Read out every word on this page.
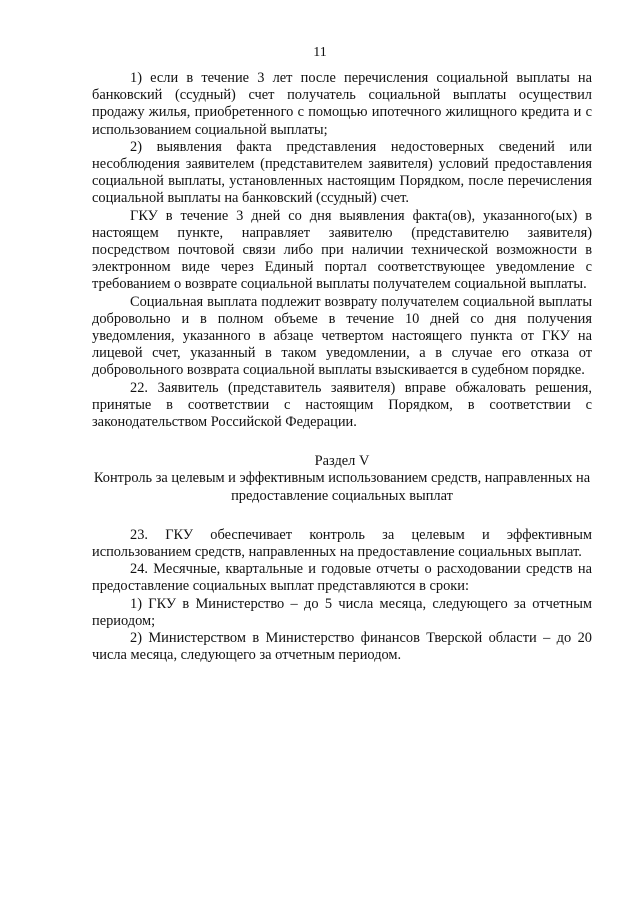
11

1) если в течение 3 лет после перечисления социальной выплаты на банковский (ссудный) счет получатель социальной выплаты осуществил продажу жилья, приобретенного с помощью ипотечного жилищного кредита и с использованием социальной выплаты;

2) выявления факта представления недостоверных сведений или несоблюдения заявителем (представителем заявителя) условий предоставления социальной выплаты, установленных настоящим Порядком, после перечисления социальной выплаты на банковский (ссудный) счет.

ГКУ в течение 3 дней со дня выявления факта(ов), указанного(ых) в настоящем пункте, направляет заявителю (представителю заявителя) посредством почтовой связи либо при наличии технической возможности в электронном виде через Единый портал соответствующее уведомление с требованием о возврате социальной выплаты получателем социальной выплаты.

Социальная выплата подлежит возврату получателем социальной выплаты добровольно и в полном объеме в течение 10 дней со дня получения уведомления, указанного в абзаце четвертом настоящего пункта от ГКУ на лицевой счет, указанный в таком уведомлении, а в случае его отказа от добровольного возврата социальной выплаты взыскивается в судебном порядке.

22. Заявитель (представитель заявителя) вправе обжаловать решения, принятые в соответствии с настоящим Порядком, в соответствии с законодательством Российской Федерации.

Раздел V

Контроль за целевым и эффективным использованием средств, направленных на предоставление социальных выплат

23. ГКУ обеспечивает контроль за целевым и эффективным использованием средств, направленных на предоставление социальных выплат.

24. Месячные, квартальные и годовые отчеты о расходовании средств на предоставление социальных выплат представляются в сроки:

1) ГКУ в Министерство – до 5 числа месяца, следующего за отчетным периодом;

2) Министерством в Министерство финансов Тверской области – до 20 числа месяца, следующего за отчетным периодом.
